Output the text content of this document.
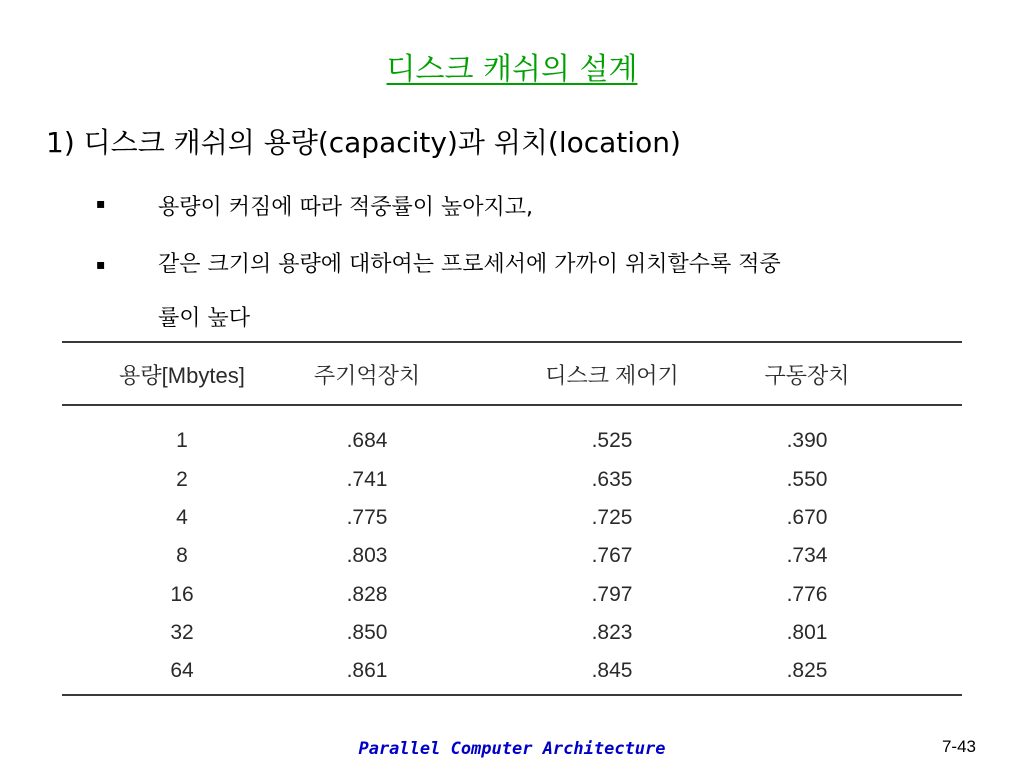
디스크 캐쉬의 설계
1) 디스크 캐쉬의 용량(capacity)과 위치(location)
▪ 용량이 커짐에 따라 적중률이 높아지고,
▪ 같은 크기의 용량에 대하여는 프로세서에 가까이 위치할수록 적중
률이 높다
용량[Mbytes]	주기억장치	디스크 제어기	구동장치
1	.684	.525	.390
2	.741	.635	.550
4	.775	.725	.670
8	.803	.767	.734
16	.828	.797	.776
32	.850	.823	.801
64	.861	.845	.825
Parallel Computer Architecture	7-43
